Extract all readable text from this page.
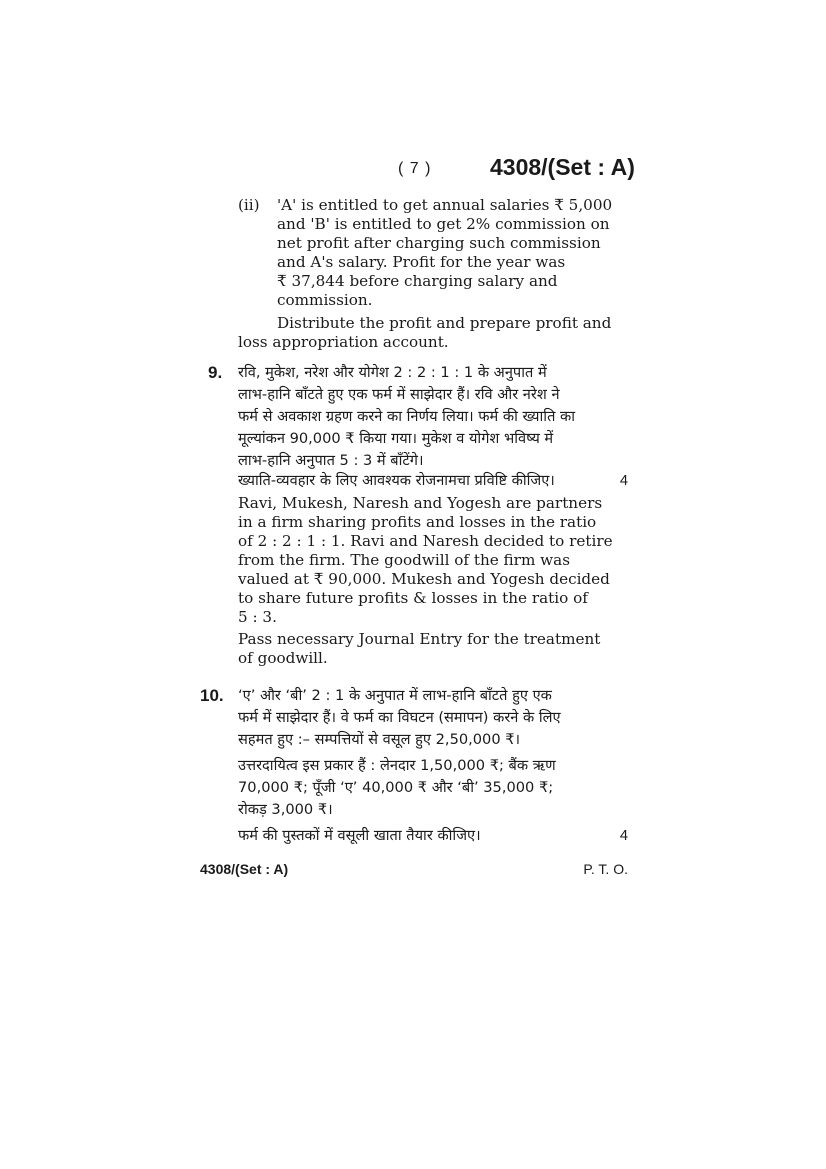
( 7 )	4308/(Set : A)
(ii) 'A' is entitled to get annual salaries ₹ 5,000
and 'B' is entitled to get 2% commission on
net profit after charging such commission
and A's salary. Profit for the year was
₹ 37,844 before charging salary and
commission.
Distribute the profit and prepare profit and
loss appropriation account.
9. रवि, मुकेश, नरेश और योगेश 2 : 2 : 1 : 1 के अनुपात में
लाभ-हानि बाँटते हुए एक फर्म में साझेदार हैं। रवि और नरेश ने
फर्म से अवकाश ग्रहण करने का निर्णय लिया। फर्म की ख्याति का
मूल्यांकन 90,000 ₹ किया गया। मुकेश व योगेश भविष्य में
लाभ-हानि अनुपात 5 : 3 में बाँटेंगे।
ख्याति-व्यवहार के लिए आवश्यक रोजनामचा प्रविष्टि कीजिए।	4
Ravi, Mukesh, Naresh and Yogesh are partners
in a firm sharing profits and losses in the ratio
of 2 : 2 : 1 : 1. Ravi and Naresh decided to retire
from the firm. The goodwill of the firm was
valued at ₹ 90,000. Mukesh and Yogesh decided
to share future profits & losses in the ratio of
5 : 3.
Pass necessary Journal Entry for the treatment
of goodwill.
10. ‘ए’ और ‘बी’ 2 : 1 के अनुपात में लाभ-हानि बाँटते हुए एक
फर्म में साझेदार हैं। वे फर्म का विघटन (समापन) करने के लिए
सहमत हुए :– सम्पत्तियों से वसूल हुए 2,50,000 ₹।
उत्तरदायित्व इस प्रकार हैं : लेनदार 1,50,000 ₹; बैंक ऋण
70,000 ₹; पूँजी ‘ए’ 40,000 ₹ और ‘बी’ 35,000 ₹;
रोकड़ 3,000 ₹।
फर्म की पुस्तकों में वसूली खाता तैयार कीजिए।	4
4308/(Set : A)	P. T. O.
